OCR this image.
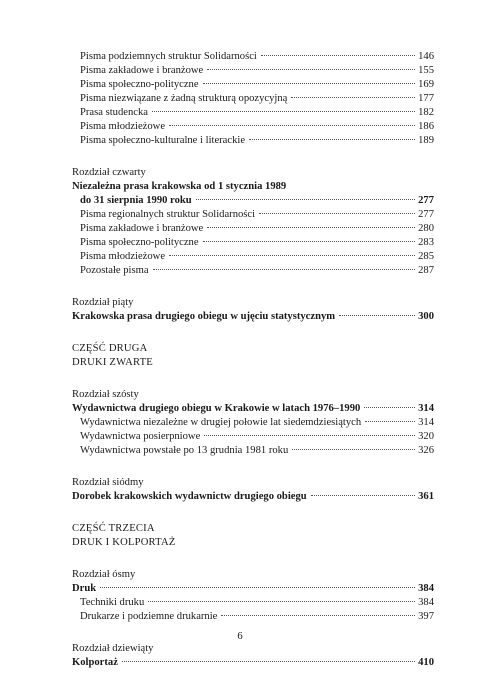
Pisma podziemnych struktur Solidarności	146
Pisma zakładowe i branżowe	155
Pisma społeczno-polityczne	169
Pisma niezwiązane z żadną strukturą opozycyjną	177
Prasa studencka	182
Pisma młodzieżowe	186
Pisma społeczno-kulturalne i literackie	189
Rozdział czwarty
Niezależna prasa krakowska od 1 stycznia 1989
do 31 sierpnia 1990 roku	277
Pisma regionalnych struktur Solidarności	277
Pisma zakładowe i branżowe	280
Pisma społeczno-polityczne	283
Pisma młodzieżowe	285
Pozostałe pisma	287
Rozdział piąty
Krakowska prasa drugiego obiegu w ujęciu statystycznym	300
CZĘŚĆ DRUGA
DRUKI ZWARTE
Rozdział szósty
Wydawnictwa drugiego obiegu w Krakowie w latach 1976–1990	314
Wydawnictwa niezależne w drugiej połowie lat siedemdziesiątych	314
Wydawnictwa posierpniowe	320
Wydawnictwa powstałe po 13 grudnia 1981 roku	326
Rozdział siódmy
Dorobek krakowskich wydawnictw drugiego obiegu	361
CZĘŚĆ TRZECIA
DRUK I KOLPORTAŻ
Rozdział ósmy
Druk	384
Techniki druku	384
Drukarze i podziemne drukarnie	397
Rozdział dziewiąty
Kolportaż	410
6
